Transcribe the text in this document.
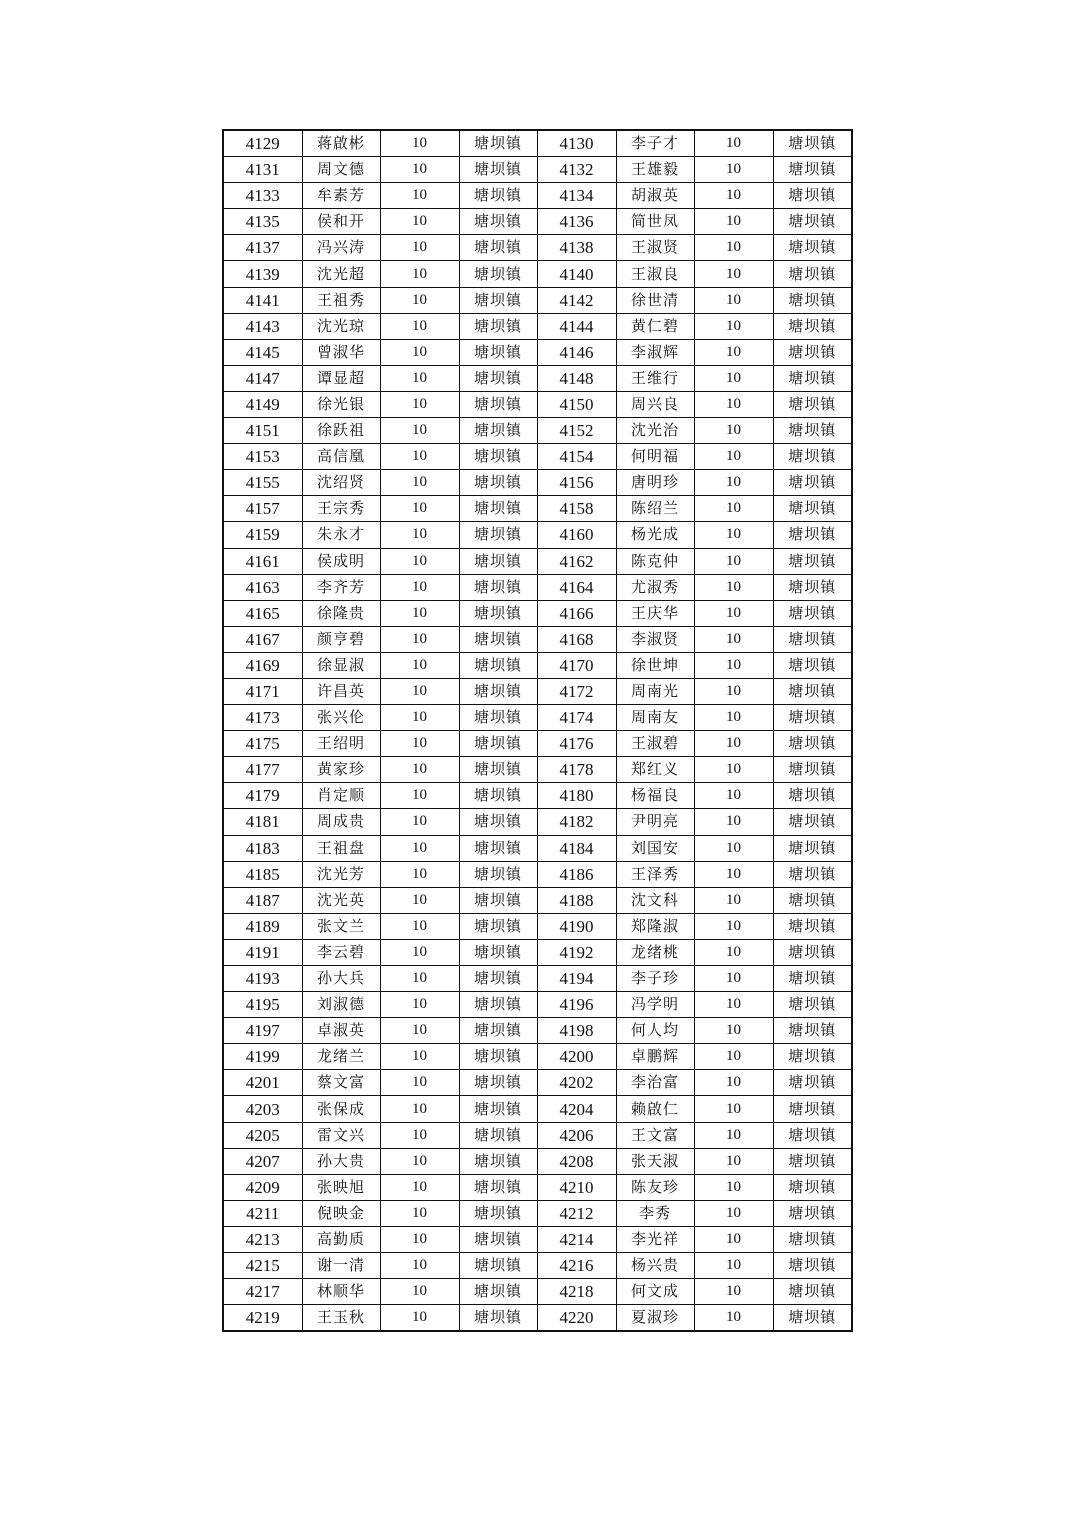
4129	蒋啟彬	10	塘坝镇	4130	李子才	10	塘坝镇
4131	周文德	10	塘坝镇	4132	王雄毅	10	塘坝镇
4133	牟素芳	10	塘坝镇	4134	胡淑英	10	塘坝镇
4135	侯和开	10	塘坝镇	4136	简世凤	10	塘坝镇
4137	冯兴涛	10	塘坝镇	4138	王淑贤	10	塘坝镇
4139	沈光超	10	塘坝镇	4140	王淑良	10	塘坝镇
4141	王祖秀	10	塘坝镇	4142	徐世清	10	塘坝镇
4143	沈光琼	10	塘坝镇	4144	黄仁碧	10	塘坝镇
4145	曾淑华	10	塘坝镇	4146	李淑辉	10	塘坝镇
4147	谭显超	10	塘坝镇	4148	王维行	10	塘坝镇
4149	徐光银	10	塘坝镇	4150	周兴良	10	塘坝镇
4151	徐跃祖	10	塘坝镇	4152	沈光治	10	塘坝镇
4153	高信凰	10	塘坝镇	4154	何明福	10	塘坝镇
4155	沈绍贤	10	塘坝镇	4156	唐明珍	10	塘坝镇
4157	王宗秀	10	塘坝镇	4158	陈绍兰	10	塘坝镇
4159	朱永才	10	塘坝镇	4160	杨光成	10	塘坝镇
4161	侯成明	10	塘坝镇	4162	陈克仲	10	塘坝镇
4163	李齐芳	10	塘坝镇	4164	尤淑秀	10	塘坝镇
4165	徐隆贵	10	塘坝镇	4166	王庆华	10	塘坝镇
4167	颜亨碧	10	塘坝镇	4168	李淑贤	10	塘坝镇
4169	徐显淑	10	塘坝镇	4170	徐世坤	10	塘坝镇
4171	许昌英	10	塘坝镇	4172	周南光	10	塘坝镇
4173	张兴伦	10	塘坝镇	4174	周南友	10	塘坝镇
4175	王绍明	10	塘坝镇	4176	王淑碧	10	塘坝镇
4177	黄家珍	10	塘坝镇	4178	郑红义	10	塘坝镇
4179	肖定顺	10	塘坝镇	4180	杨福良	10	塘坝镇
4181	周成贵	10	塘坝镇	4182	尹明亮	10	塘坝镇
4183	王祖盘	10	塘坝镇	4184	刘国安	10	塘坝镇
4185	沈光芳	10	塘坝镇	4186	王泽秀	10	塘坝镇
4187	沈光英	10	塘坝镇	4188	沈文科	10	塘坝镇
4189	张文兰	10	塘坝镇	4190	郑隆淑	10	塘坝镇
4191	李云碧	10	塘坝镇	4192	龙绪桃	10	塘坝镇
4193	孙大兵	10	塘坝镇	4194	李子珍	10	塘坝镇
4195	刘淑德	10	塘坝镇	4196	冯学明	10	塘坝镇
4197	卓淑英	10	塘坝镇	4198	何人均	10	塘坝镇
4199	龙绪兰	10	塘坝镇	4200	卓鹏辉	10	塘坝镇
4201	蔡文富	10	塘坝镇	4202	李治富	10	塘坝镇
4203	张保成	10	塘坝镇	4204	赖啟仁	10	塘坝镇
4205	雷文兴	10	塘坝镇	4206	王文富	10	塘坝镇
4207	孙大贵	10	塘坝镇	4208	张天淑	10	塘坝镇
4209	张映旭	10	塘坝镇	4210	陈友珍	10	塘坝镇
4211	倪映金	10	塘坝镇	4212	李秀	10	塘坝镇
4213	高勤质	10	塘坝镇	4214	李光祥	10	塘坝镇
4215	谢一清	10	塘坝镇	4216	杨兴贵	10	塘坝镇
4217	林顺华	10	塘坝镇	4218	何文成	10	塘坝镇
4219	王玉秋	10	塘坝镇	4220	夏淑珍	10	塘坝镇
